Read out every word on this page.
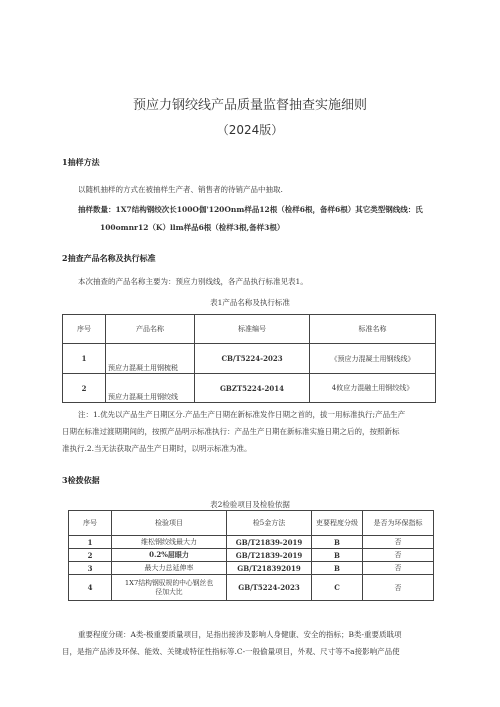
预应力钢绞线产品质量监督抽查实施细则
（2024版）
1抽样方法
以随机抽样的方式在被抽样生产者、销售者的待销产品中抽取.
抽样数量：1X7结构钢绞次长100O伽'120Onm样品12根（检样6根，备样6根）其它类型钢线线：氏
100omnr12（K）llm样品6根（检样3根,备样3根）
2抽查产品名称及执行标准
本次抽查的产品名称主要为：预应力别线线，各产品执行标准见表1。
表1产品名称及执行标准
序号	产品名称	标准编号	标准名称
1	预应力混凝土用钢梳税	CB/T5224-2023	《预应力混凝土用钢线线》
2	预应力混凝土用钢绞线	GBZT5224-2014	4攸应力混融土用钢绞线》
注：1.优先以产品生产日期区分.产品生产日期在新标准发作日期之首的，拔一用标准执行;产品生产
日期在标准过渡期期间的，按照产品明示标准执行：产品生产日期在新标准实施日期之后的，按照新标
准执行.2.当无法获取产品生产日期时，以明示标准为准。
3检拨依据
表2检验项目及检验依据
序号	检验项目	检5金方法	吏要程度分级	是否为环保指标
1	维松钢绞线最大力	GB/T21839-2019	B	否
2	0.2%屈眼力	GB/T21839-2019	B	否
3	最大力总延伸率	GB/T218392019	B	否
4	1X7结构钢驭规的中心钢丝也径加大比	GB/T5224-2023	C	否
重要程度分砚：A类-极重要质量项目，足指出接涉及影响人身健康、安全的指标；B类-重要质戢项
目，是指产品涉及环保、能效、关键或特征性指标等.C-一般偷量项目，外观、尺寸等不a接影响产品使
